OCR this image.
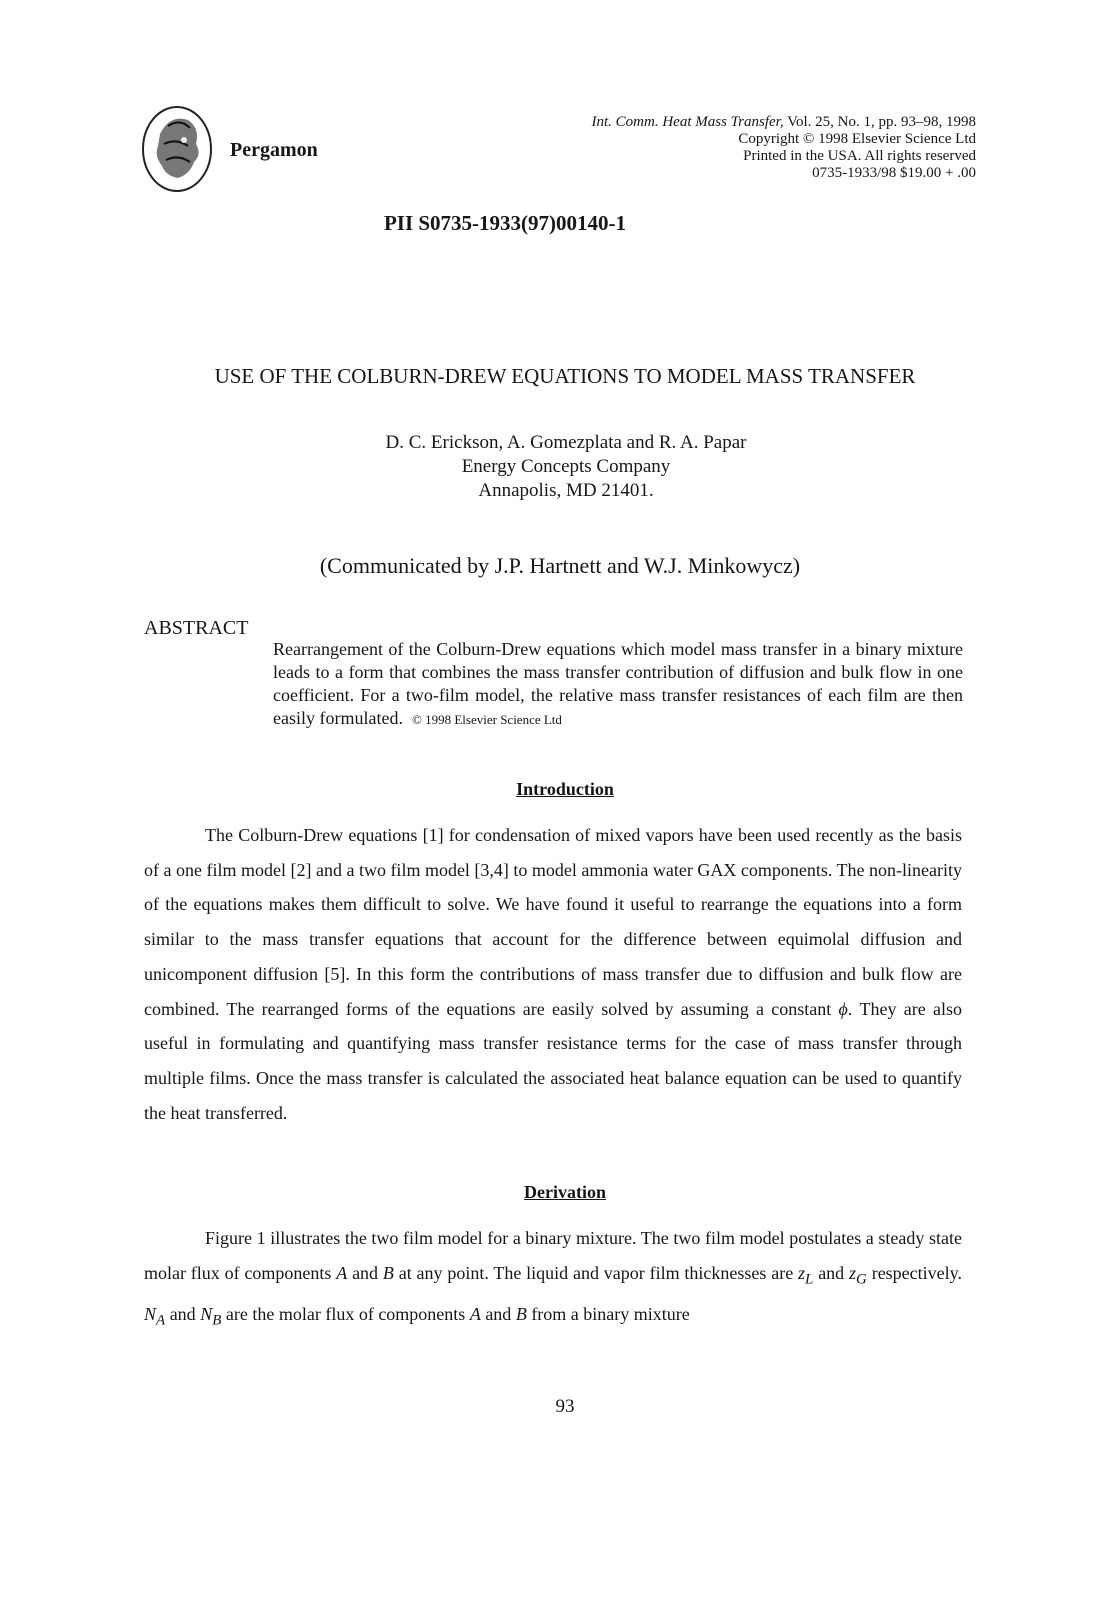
Pergamon
Int. Comm. Heat Mass Transfer, Vol. 25, No. 1, pp. 93–98, 1998
Copyright © 1998 Elsevier Science Ltd
Printed in the USA. All rights reserved
0735-1933/98 $19.00 + .00
PII S0735-1933(97)00140-1
USE OF THE COLBURN-DREW EQUATIONS TO MODEL MASS TRANSFER
D. C. Erickson, A. Gomezplata and R. A. Papar
Energy Concepts Company
Annapolis, MD 21401.
(Communicated by J.P. Hartnett and W.J. Minkowycz)
ABSTRACT
Rearrangement of the Colburn-Drew equations which model mass transfer in a binary mixture leads to a form that combines the mass transfer contribution of diffusion and bulk flow in one coefficient. For a two-film model, the relative mass transfer resistances of each film are then easily formulated. © 1998 Elsevier Science Ltd
Introduction
The Colburn-Drew equations [1] for condensation of mixed vapors have been used recently as the basis of a one film model [2] and a two film model [3,4] to model ammonia water GAX components. The non-linearity of the equations makes them difficult to solve. We have found it useful to rearrange the equations into a form similar to the mass transfer equations that account for the difference between equimolal diffusion and unicomponent diffusion [5]. In this form the contributions of mass transfer due to diffusion and bulk flow are combined. The rearranged forms of the equations are easily solved by assuming a constant ϕ. They are also useful in formulating and quantifying mass transfer resistance terms for the case of mass transfer through multiple films. Once the mass transfer is calculated the associated heat balance equation can be used to quantify the heat transferred.
Derivation
Figure 1 illustrates the two film model for a binary mixture. The two film model postulates a steady state molar flux of components A and B at any point. The liquid and vapor film thicknesses are $z_L$ and $z_G$ respectively. $N_A$ and $N_B$ are the molar flux of components A and B from a binary mixture
93
